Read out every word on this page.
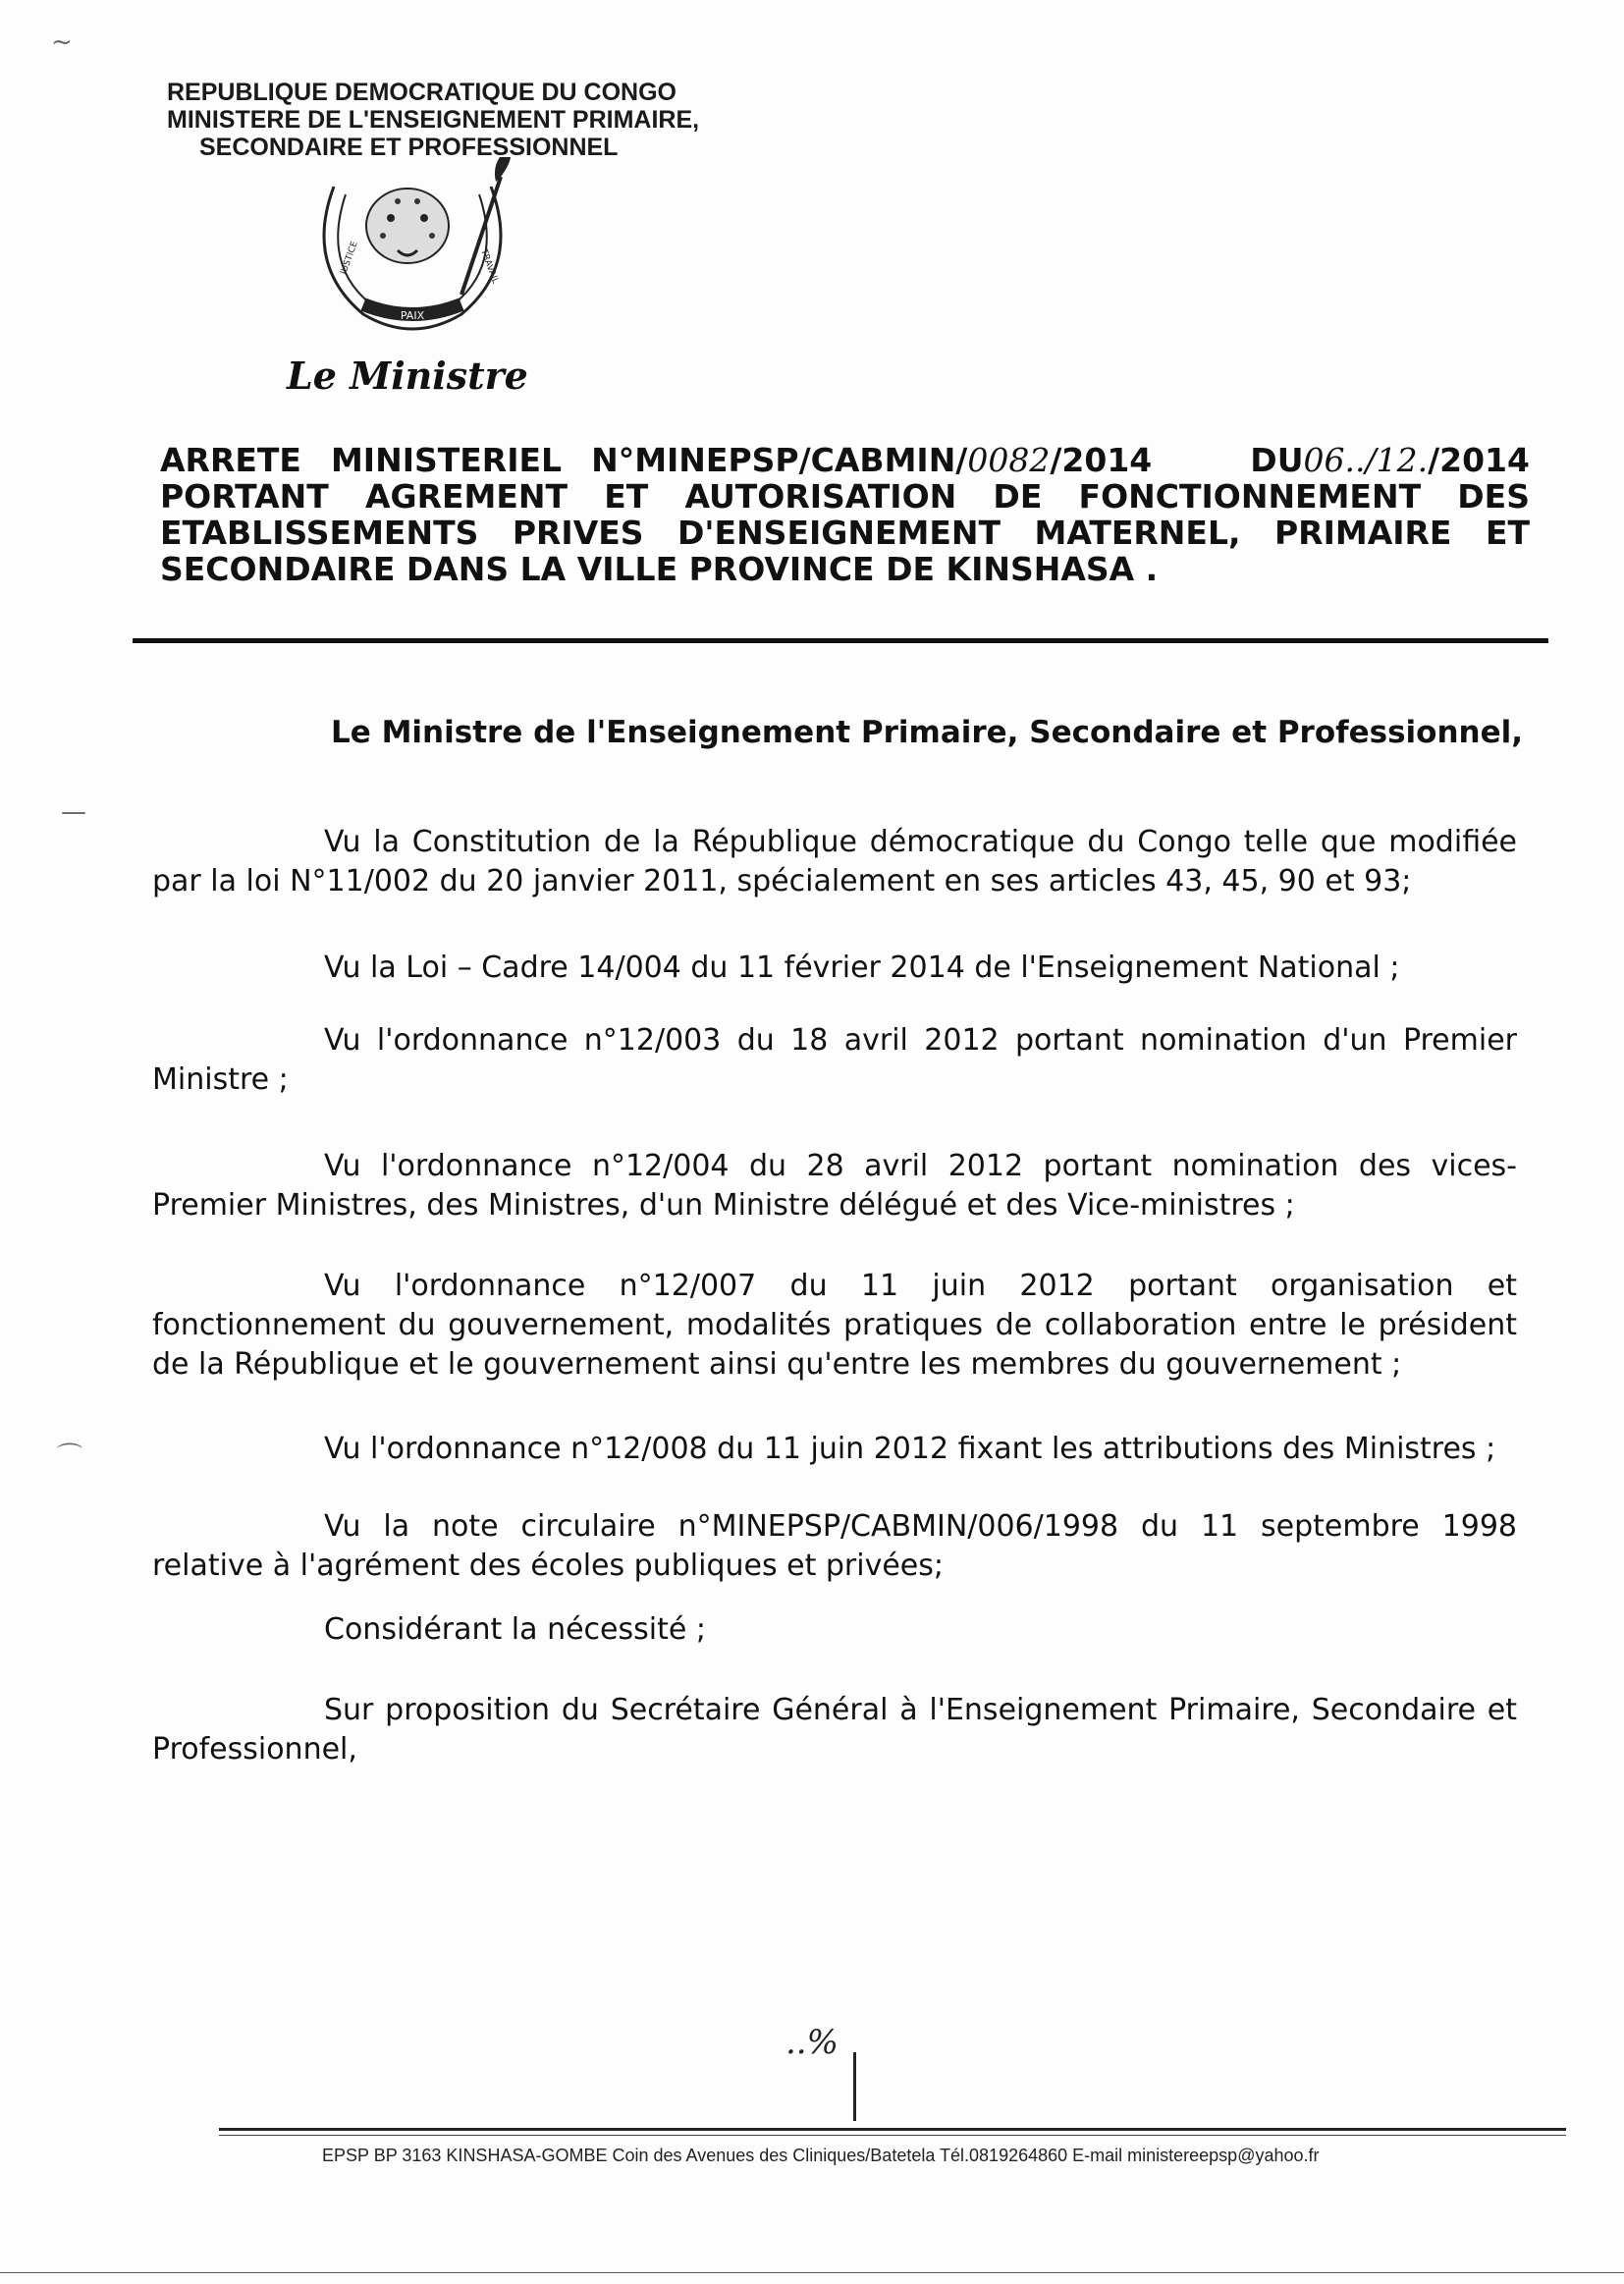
~
—
⌒
REPUBLIQUE DEMOCRATIQUE DU CONGO
MINISTERE DE L'ENSEIGNEMENT PRIMAIRE,
SECONDAIRE ET PROFESSIONNEL
PAIX
JUSTICE	TRAVAIL
Le Ministre
ARRETE MINISTERIEL N°MINEPSP/CABMIN/0082/2014	DU06../12./2014
PORTANT AGREMENT ET AUTORISATION DE FONCTIONNEMENT DES
ETABLISSEMENTS PRIVES D'ENSEIGNEMENT MATERNEL, PRIMAIRE ET
SECONDAIRE DANS LA VILLE PROVINCE DE KINSHASA .
Le Ministre de l'Enseignement Primaire, Secondaire et Professionnel,
Vu la Constitution de la République démocratique du Congo telle que modifiée par la loi N°11/002 du 20 janvier 2011, spécialement en ses articles 43, 45, 90 et 93;
Vu la Loi – Cadre 14/004 du 11 février 2014 de l'Enseignement National ;
Vu l'ordonnance n°12/003 du 18 avril 2012 portant nomination d'un Premier Ministre ;
Vu l'ordonnance n°12/004 du 28 avril 2012 portant nomination des vices-Premier Ministres, des Ministres, d'un Ministre délégué et des Vice-ministres ;
Vu l'ordonnance n°12/007 du 11 juin 2012 portant organisation et fonctionnement du gouvernement, modalités pratiques de collaboration entre le président de la République et le gouvernement ainsi qu'entre les membres du gouvernement ;
Vu l'ordonnance n°12/008 du 11 juin 2012 fixant les attributions des Ministres ;
Vu la note circulaire n°MINEPSP/CABMIN/006/1998 du 11 septembre 1998 relative à l'agrément des écoles publiques et privées;
Considérant la nécessité ;
Sur proposition du Secrétaire Général à l'Enseignement Primaire, Secondaire et Professionnel,
..%
EPSP BP 3163 KINSHASA-GOMBE Coin des Avenues des Cliniques/Batetela Tél.0819264860 E-mail ministereepsp@yahoo.fr
